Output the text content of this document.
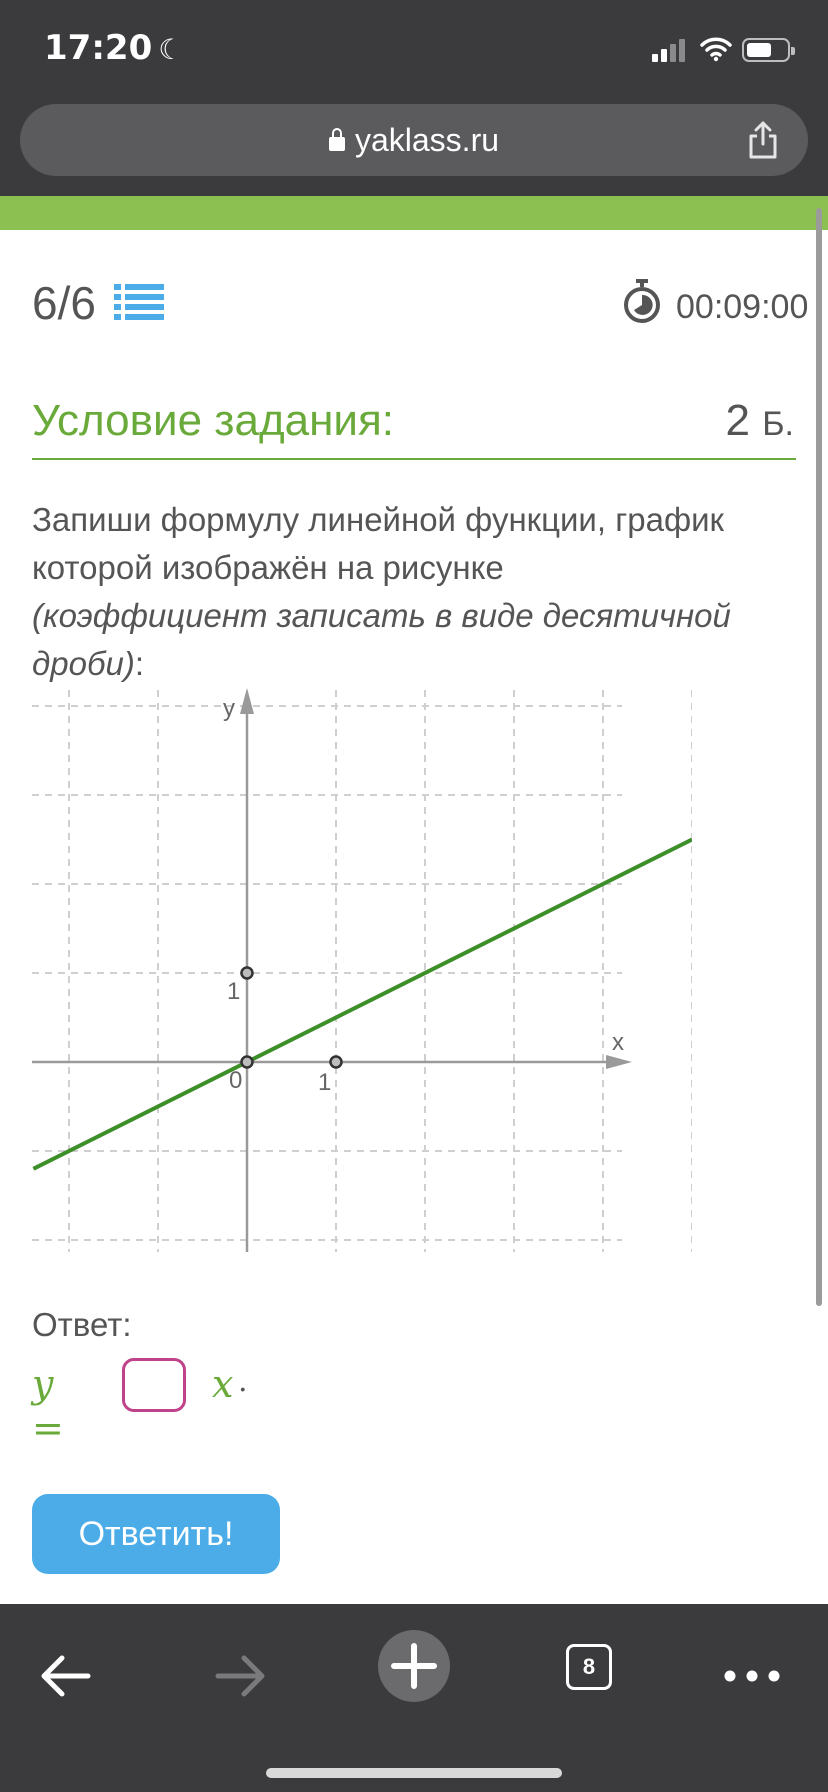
17:20 ☾
yaklass.ru
6/6	00:09:00
Условие задания:	2 Б.
Запиши формулу линейной функции, график
которой изображён на рисунке
(коэффициент записать в виде десятичной дроби):
y
x
0	1
1
Ответ:
y =
x .
Ответить!
8
